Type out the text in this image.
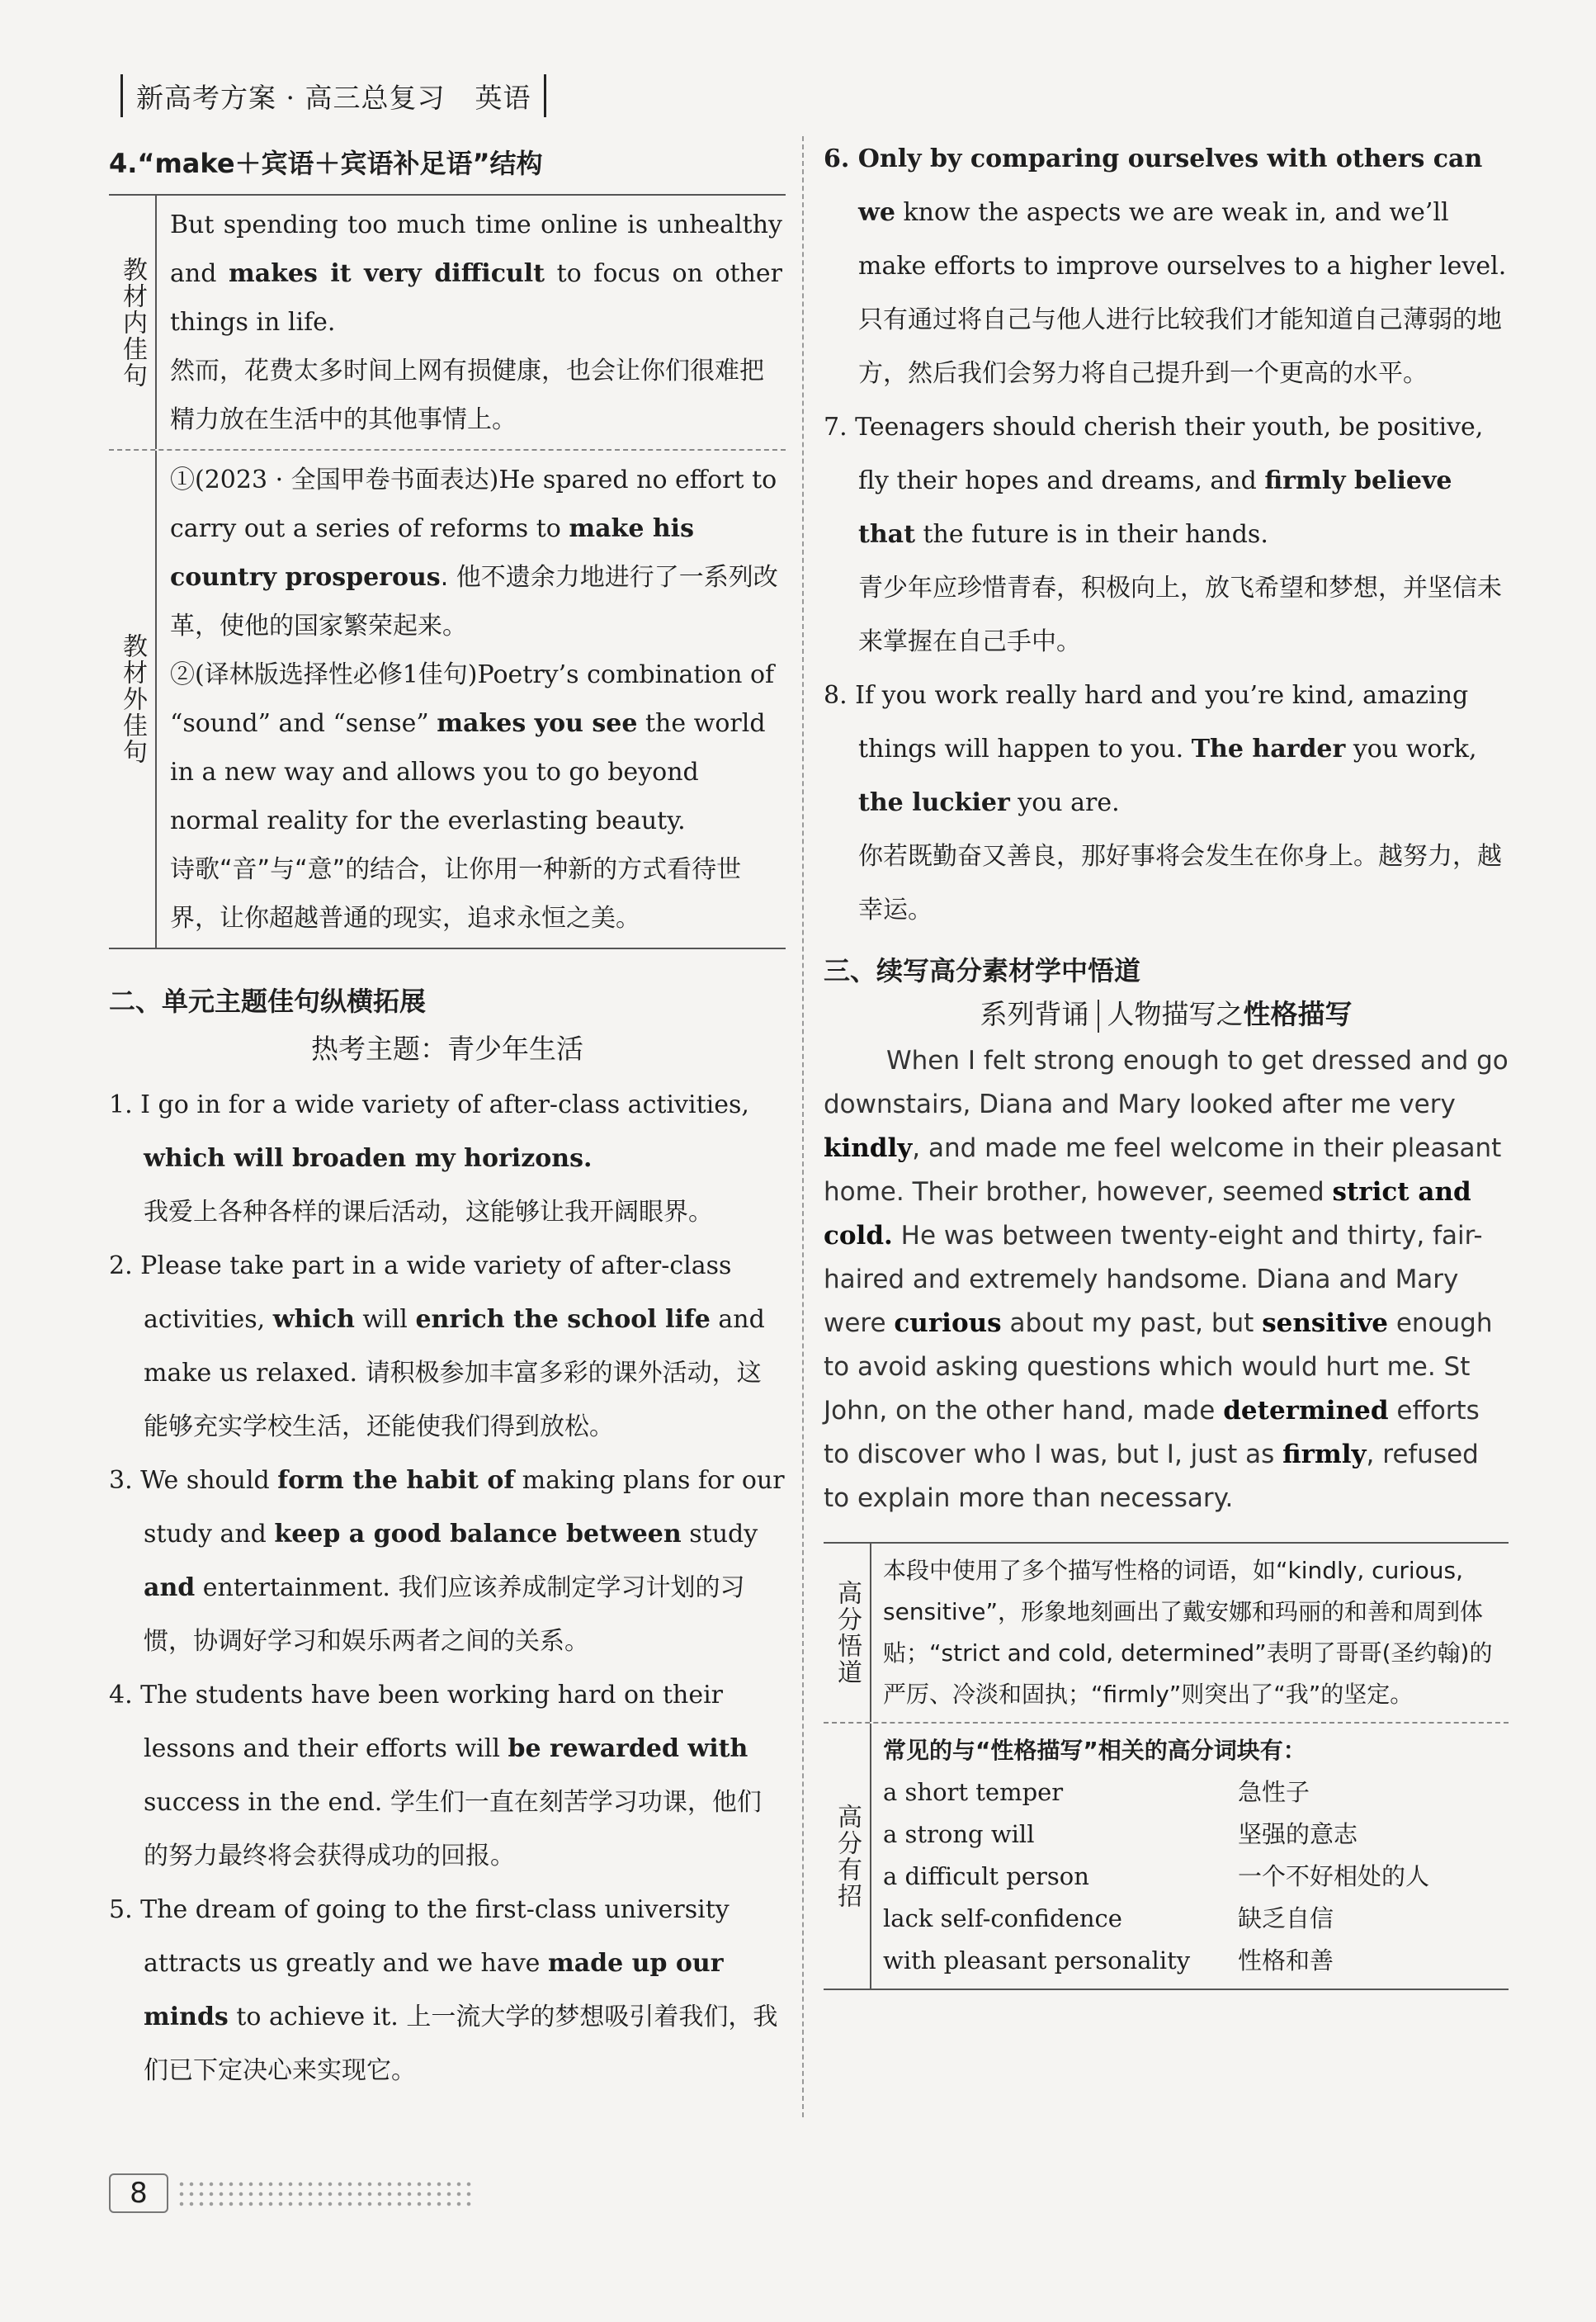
新高考方案 · 高三总复习 英语
4.“make＋宾语＋宾语补足语”结构
教材内佳句
But spending too much time online is unhealthy and makes it very difficult to focus on other things in life.
然而，花费太多时间上网有损健康，也会让你们很难把精力放在生活中的其他事情上。
教材外佳句
①(2023 · 全国甲卷书面表达)He spared no effort to carry out a series of reforms to make his country prosperous. 他不遗余力地进行了一系列改革，使他的国家繁荣起来。
②(译林版选择性必修1佳句)Poetry’s combination of “sound” and “sense” makes you see the world in a new way and allows you to go beyond normal reality for the everlasting beauty.
诗歌“音”与“意”的结合，让你用一种新的方式看待世界，让你超越普通的现实，追求永恒之美。
二、单元主题佳句纵横拓展
热考主题：青少年生活
1. I go in for a wide variety of after-class activities, which will broaden my horizons.
我爱上各种各样的课后活动，这能够让我开阔眼界。
2. Please take part in a wide variety of after-class activities, which will enrich the school life and make us relaxed. 请积极参加丰富多彩的课外活动，这能够充实学校生活，还能使我们得到放松。
3. We should form the habit of making plans for our study and keep a good balance between study and entertainment. 我们应该养成制定学习计划的习惯，协调好学习和娱乐两者之间的关系。
4. The students have been working hard on their lessons and their efforts will be rewarded with success in the end. 学生们一直在刻苦学习功课，他们的努力最终将会获得成功的回报。
5. The dream of going to the first-class university attracts us greatly and we have made up our minds to achieve it. 上一流大学的梦想吸引着我们，我们已下定决心来实现它。
6. Only by comparing ourselves with others can we know the aspects we are weak in, and we’ll make efforts to improve ourselves to a higher level.
只有通过将自己与他人进行比较我们才能知道自己薄弱的地方，然后我们会努力将自己提升到一个更高的水平。
7. Teenagers should cherish their youth, be positive, fly their hopes and dreams, and firmly believe that the future is in their hands.
青少年应珍惜青春，积极向上，放飞希望和梦想，并坚信未来掌握在自己手中。
8. If you work really hard and you’re kind, amazing things will happen to you. The harder you work, the luckier you are.
你若既勤奋又善良，那好事将会发生在你身上。越努力，越幸运。
三、续写高分素材学中悟道
系列背诵 人物描写之性格描写
When I felt strong enough to get dressed and go downstairs, Diana and Mary looked after me very kindly, and made me feel welcome in their pleasant home. Their brother, however, seemed strict and cold. He was between twenty-eight and thirty, fair-haired and extremely handsome. Diana and Mary were curious about my past, but sensitive enough to avoid asking questions which would hurt me. St John, on the other hand, made determined efforts to discover who I was, but I, just as firmly, refused to explain more than necessary.
高分悟道
本段中使用了多个描写性格的词语，如“kindly, curious, sensitive”，形象地刻画出了戴安娜和玛丽的和善和周到体贴；“strict and cold, determined”表明了哥哥(圣约翰)的严厉、冷淡和固执；“firmly”则突出了“我”的坚定。
高分有招
常见的与“性格描写”相关的高分词块有：
a short temper	急性子
a strong will	坚强的意志
a difficult person	一个不好相处的人
lack self-confidence	缺乏自信
with pleasant personality	性格和善
8
